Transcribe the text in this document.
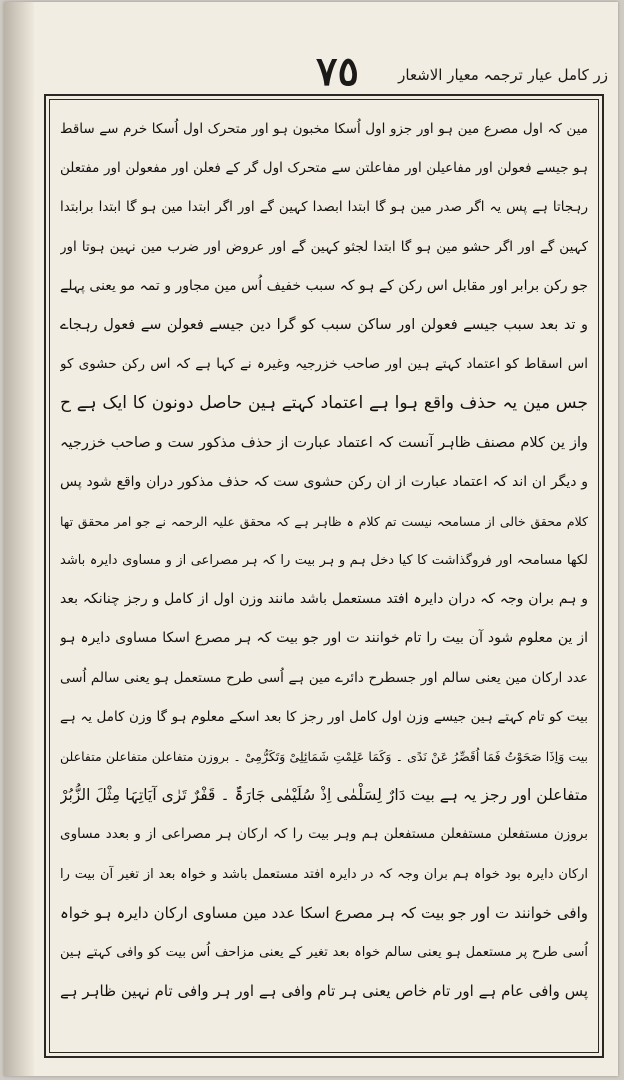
٧٥	زر کامل عیار ترجمہ معیار الاشعار
مین کہ اول مصرع مین ہو اور جزو اول اُسکا مخبون ہو اور متحرک اول اُسکا خرم سے ساقط
ہو جیسے فعولن اور مفاعیلن اور مفاعلتن سے متحرک اول گر کے فعلن اور مفعولن اور مفتعلن
رہجاتا ہے پس یہ اگر صدر مین ہو گا ابتدا ابصدا کہین گے اور اگر ابتدا مین ہو گا ابتدا برابتدا
کہین گے اور اگر حشو مین ہو گا ابتدا لجثو کہین گے اور عروض اور ضرب مین نہین ہوتا اور
جو رکن برابر اور مقابل اس رکن کے ہو کہ سبب خفیف اُس مین مجاور و تمہ مو یعنی پہلے
و تد بعد سبب جیسے فعولن اور ساکن سبب کو گرا دین جیسے فعولن سے فعول رہجاے
اس اسقاط کو اعتماد کہتے ہین اور صاحب خزرجیہ وغیرہ نے کہا ہے کہ اس رکن حشوی کو
جس مین یہ حذف واقع ہوا ہے اعتماد کہتے ہین حاصل دونون کا ایک ہے ح
واز ین کلام مصنف ظاہر آنست کہ اعتماد عبارت از حذف مذکور ست و صاحب خزرجیہ
و دیگر ان اند کہ اعتماد عبارت از ان رکن حشوی ست کہ حذف مذکور دران واقع شود پس
کلام محقق خالی از مسامحہ نیست تم کلام ہ ظاہر ہے کہ محقق علیہ الرحمہ نے جو امر محقق تھا
لکھا مسامحہ اور فروگذاشت کا کیا دخل ہم و ہر بیت را کہ ہر مصراعی از و مساوی دایرہ باشد
و ہم بران وجہ کہ دران دایرہ افتد مستعمل باشد مانند وزن اول از کامل و رجز چنانکہ بعد
از ین معلوم شود آن بیت را تام خوانند ت اور جو بیت کہ ہر مصرع اسکا مساوی دایرہ ہو
عدد ارکان مین یعنی سالم اور جسطرح دائرے مین ہے اُسی طرح مستعمل ہو یعنی سالم اُسی
بیت کو تام کہتے ہین جیسے وزن اول کامل اور رجز کا بعد اسکے معلوم ہو گا وزن کامل یہ ہے
بیت وَاِذَا صَحَوْتُ فَمَا اُقَصِّرُ عَنْ نَدًی ۔ وَکَمَا عَلِمْتِ شَمَائِلِیْ وَتَکَرُّمِیْ ۔ بروزن متفاعلن متفاعلن متفاعلن
متفاعلن اور رجز یہ ہے بیت دَارٌ لِسَلْمٰی اِذْ سُلَیْمٰی جَارَۃٌ ۔ قَفْرٌ تَرٰی آیَاتِہَا مِثْلَ الزُّبُرْ
بروزن مستفعلن مستفعلن مستفعلن ہم وہر بیت را کہ ارکان ہر مصراعی از و بعدد مساوی
ارکان دایرہ بود خواہ ہم بران وجہ کہ در دایرہ افتد مستعمل باشد و خواہ بعد از تغیر آن بیت را
وافی خوانند ت اور جو بیت کہ ہر مصرع اسکا عدد مین مساوی ارکان دایرہ ہو خواہ
اُسی طرح پر مستعمل ہو یعنی سالم خواہ بعد تغیر کے یعنی مزاحف اُس بیت کو وافی کہتے ہین
پس وافی عام ہے اور تام خاص یعنی ہر تام وافی ہے اور ہر وافی تام نہین ظاہر ہے
